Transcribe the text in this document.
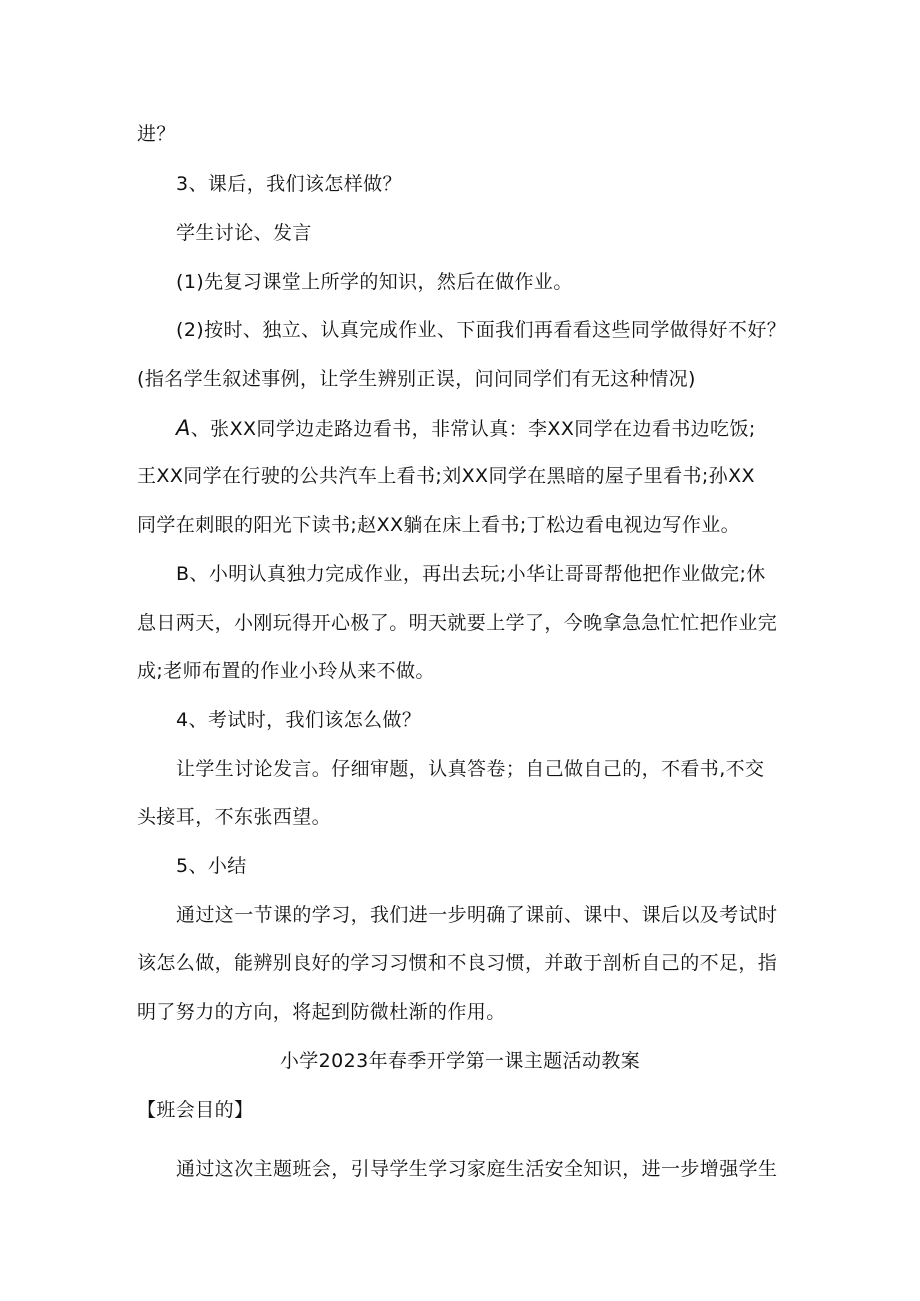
进？
3、课后，我们该怎样做？
学生讨论、发言
(1)先复习课堂上所学的知识，然后在做作业。
(2)按时、独立、认真完成作业、下面我们再看看这些同学做得好不好？
(指名学生叙述事例，让学生辨别正误，问问同学们有无这种情况)
A、张XX同学边走路边看书，非常认真：李XX同学在边看书边吃饭;
王XX同学在行驶的公共汽车上看书;刘XX同学在黑暗的屋子里看书;孙XX
同学在刺眼的阳光下读书;赵XX躺在床上看书;丁松边看电视边写作业。
B、小明认真独力完成作业，再出去玩;小华让哥哥帮他把作业做完;休
息日两天，小刚玩得开心极了。明天就要上学了，今晚拿急急忙忙把作业完
成;老师布置的作业小玲从来不做。
4、考试时，我们该怎么做？
让学生讨论发言。仔细审题，认真答卷；自己做自己的，不看书,不交
头接耳，不东张西望。
5、小结
通过这一节课的学习，我们进一步明确了课前、课中、课后以及考试时
该怎么做，能辨别良好的学习习惯和不良习惯，并敢于剖析自己的不足，指
明了努力的方向，将起到防微杜渐的作用。
小学2023年春季开学第一课主题活动教案
【班会目的】
通过这次主题班会，引导学生学习家庭生活安全知识，进一步增强学生
